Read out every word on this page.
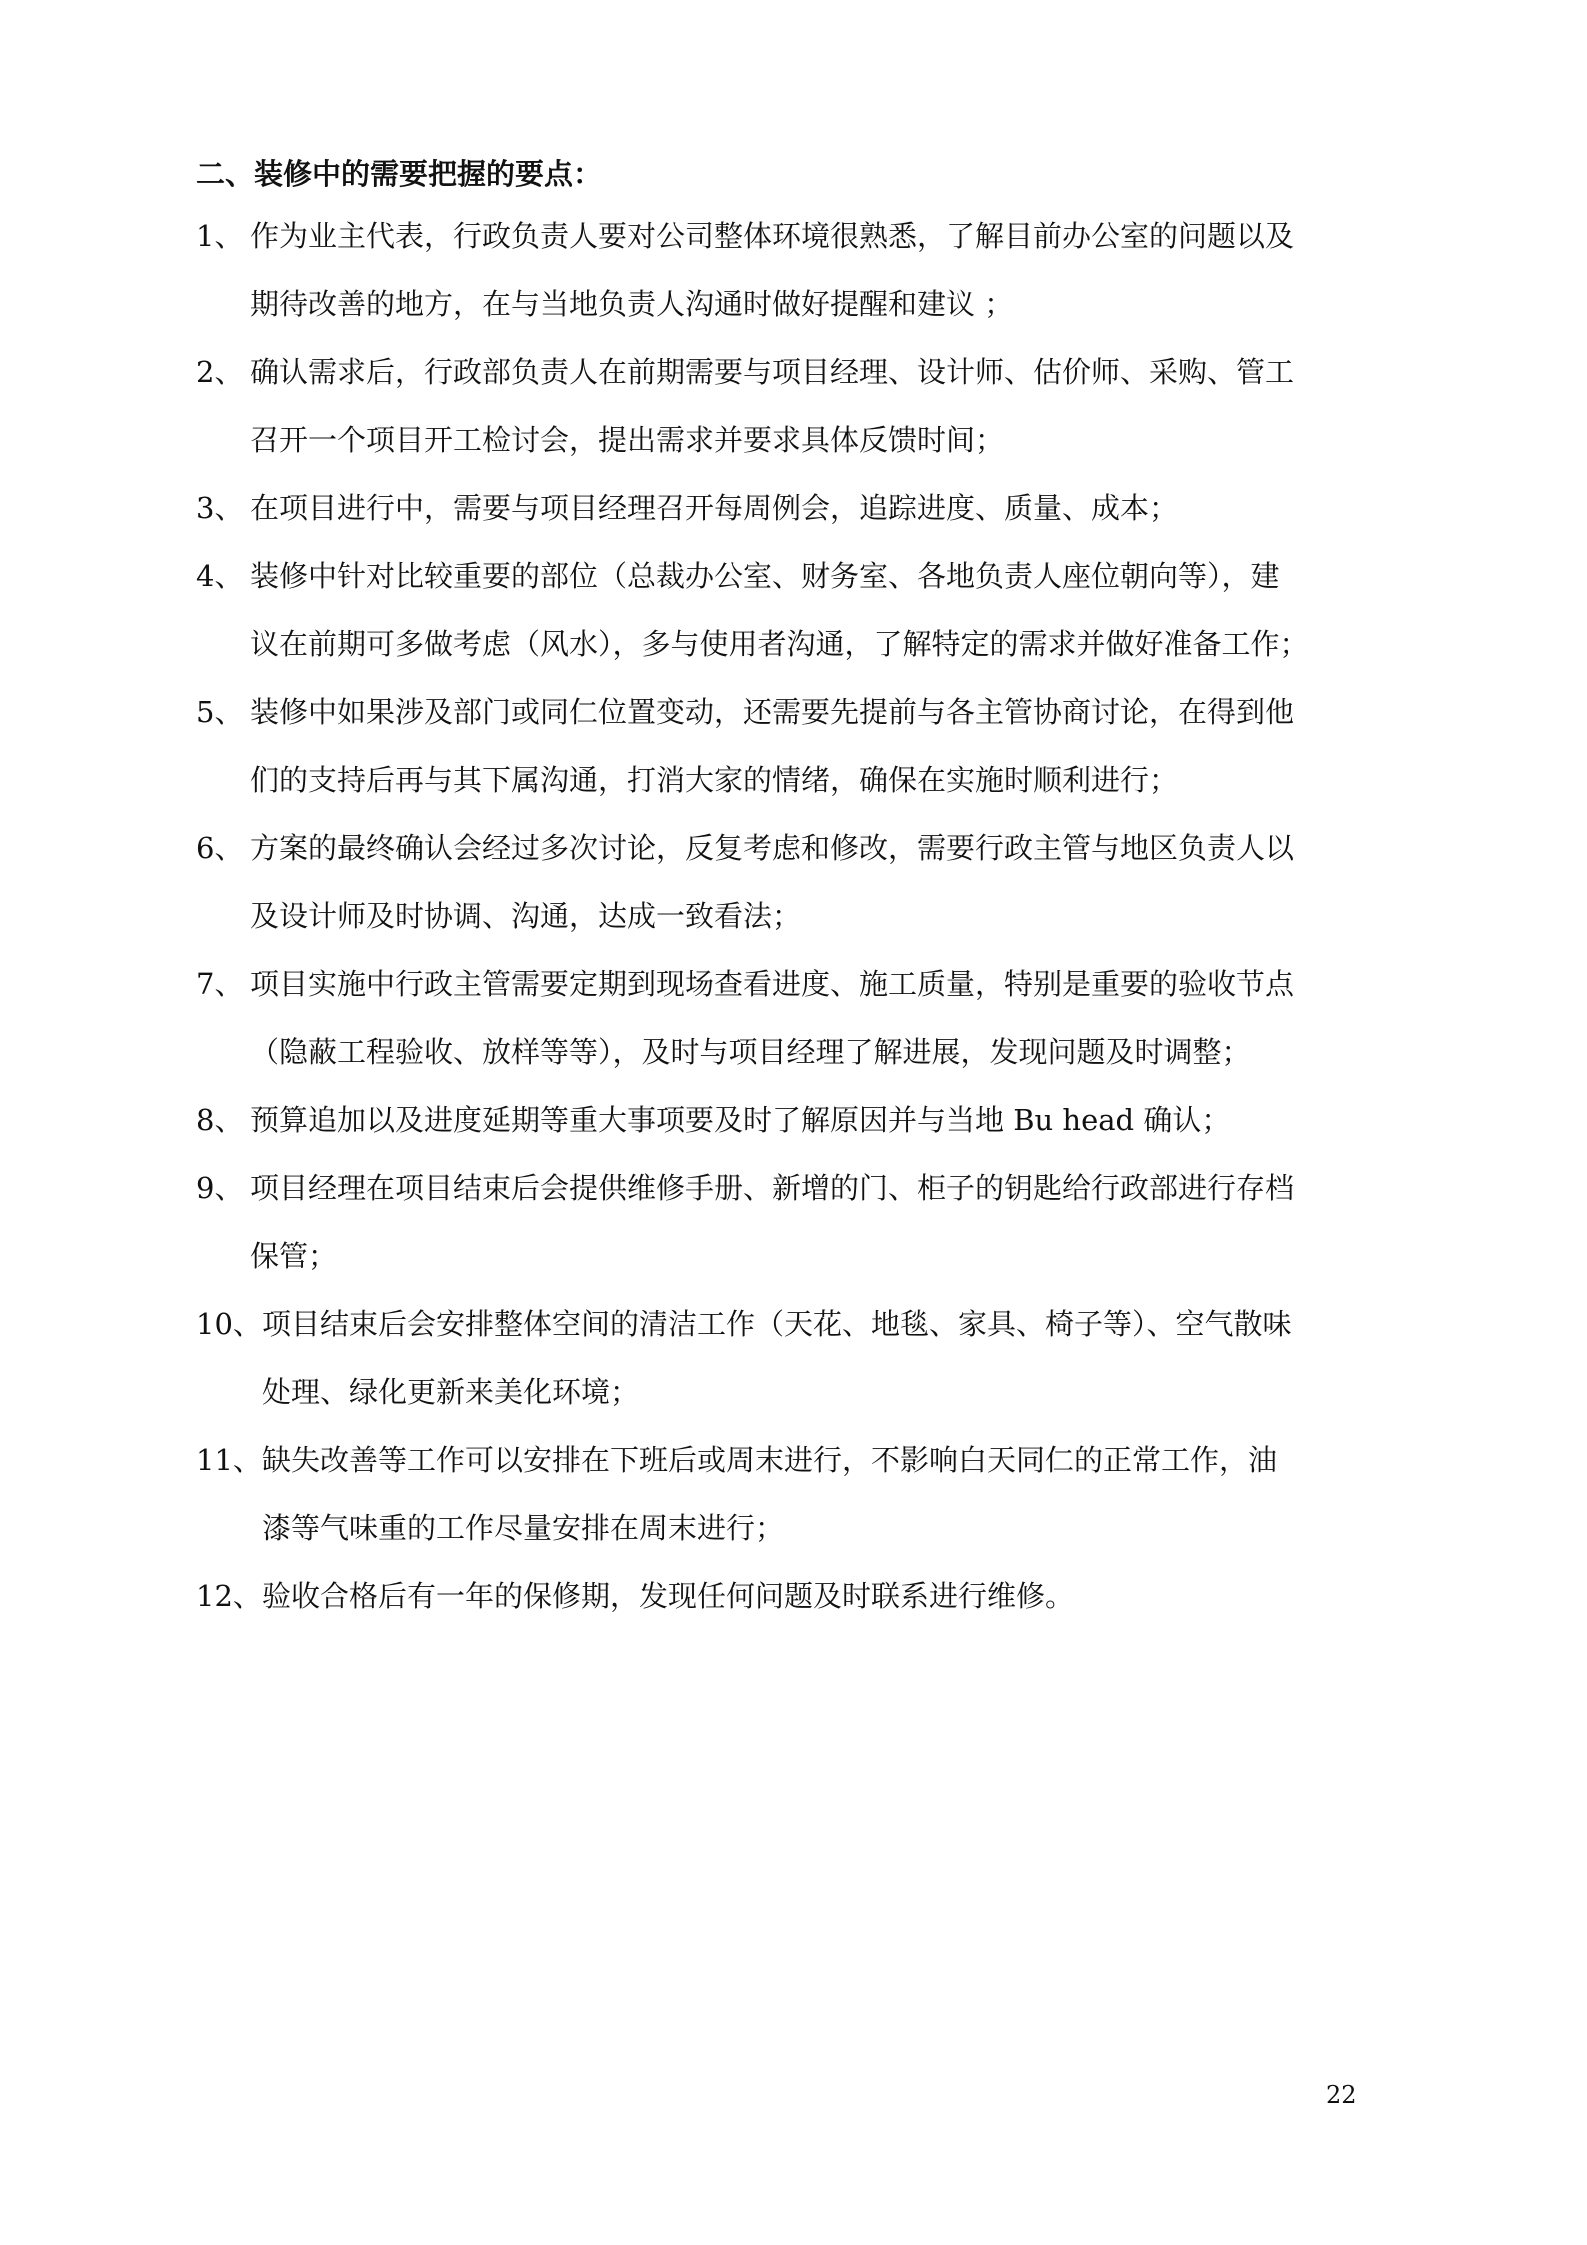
二、装修中的需要把握的要点：
1、 作为业主代表，行政负责人要对公司整体环境很熟悉，了解目前办公室的问题以及
期待改善的地方，在与当地负责人沟通时做好提醒和建议 ；

2、 确认需求后，行政部负责人在前期需要与项目经理、设计师、估价师、采购、管工
召开一个项目开工检讨会，提出需求并要求具体反馈时间；

3、 在项目进行中，需要与项目经理召开每周例会，追踪进度、质量、成本；

4、 装修中针对比较重要的部位（总裁办公室、财务室、各地负责人座位朝向等），建
议在前期可多做考虑（风水），多与使用者沟通，了解特定的需求并做好准备工作；

5、 装修中如果涉及部门或同仁位置变动，还需要先提前与各主管协商讨论，在得到他
们的支持后再与其下属沟通，打消大家的情绪，确保在实施时顺利进行；

6、 方案的最终确认会经过多次讨论，反复考虑和修改，需要行政主管与地区负责人以
及设计师及时协调、沟通，达成一致看法；

7、 项目实施中行政主管需要定期到现场查看进度、施工质量，特别是重要的验收节点
（隐蔽工程验收、放样等等），及时与项目经理了解进展，发现问题及时调整；

8、 预算追加以及进度延期等重大事项要及时了解原因并与当地 Bu head 确认；

9、 项目经理在项目结束后会提供维修手册、新增的门、柜子的钥匙给行政部进行存档
保管；

10、 项目结束后会安排整体空间的清洁工作（天花、地毯、家具、椅子等）、空气散味
处理、绿化更新来美化环境；

11、 缺失改善等工作可以安排在下班后或周末进行，不影响白天同仁的正常工作，油
漆等气味重的工作尽量安排在周末进行；

12、 验收合格后有一年的保修期，发现任何问题及时联系进行维修。

22
